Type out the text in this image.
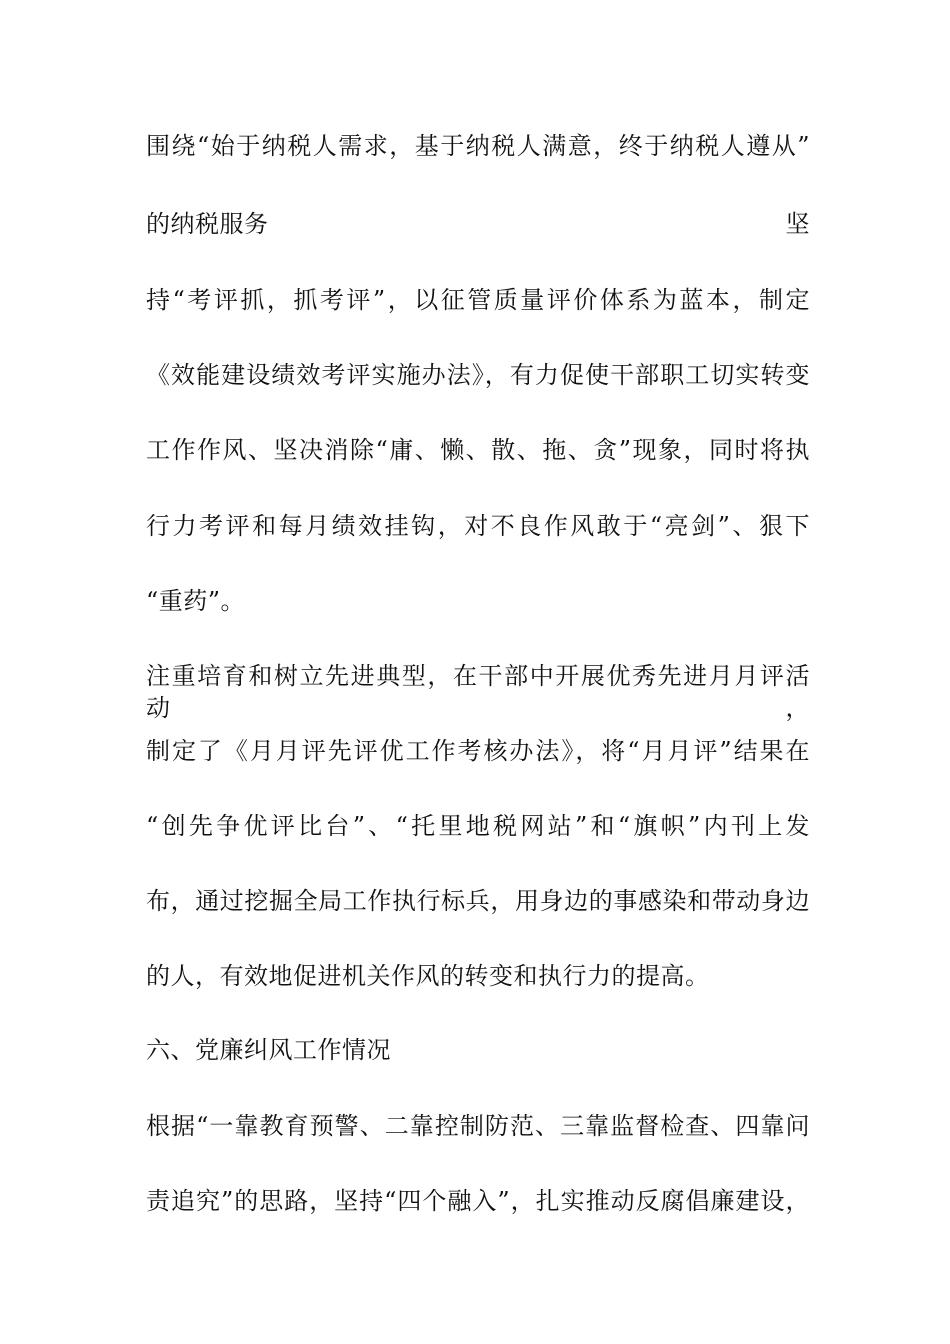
围绕“始于纳税人需求，基于纳税人满意，终于纳税人遵从”
的纳税服务	坚
持“考评抓，抓考评”，以征管质量评价体系为蓝本，制定
《效能建设绩效考评实施办法》，有力促使干部职工切实转变
工作作风、坚决消除“庸、懒、散、拖、贪”现象，同时将执
行力考评和每月绩效挂钩，对不良作风敢于“亮剑”、狠下
“重药”。
注重培育和树立先进典型，在干部中开展优秀先进月月评活动，
制定了《月月评先评优工作考核办法》，将“月月评”结果在
“创先争优评比台”、“托里地税网站”和“旗帜”内刊上发
布，通过挖掘全局工作执行标兵，用身边的事感染和带动身边
的人，有效地促进机关作风的转变和执行力的提高。
六、党廉纠风工作情况
根据“一靠教育预警、二靠控制防范、三靠监督检查、四靠问
责追究”的思路，坚持“四个融入”，扎实推动反腐倡廉建设，
